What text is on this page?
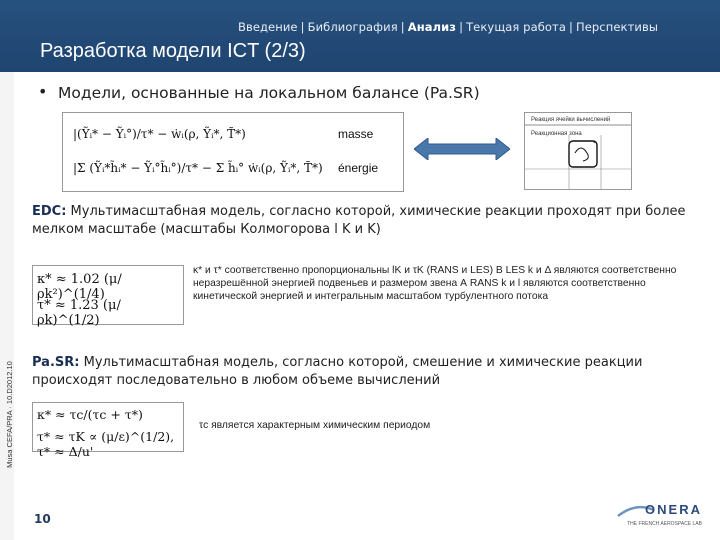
Введение | Библиография | Анализ | Текущая работа | Перспективы
Разработка модели ICT (2/3)
Musa CEFA/PRA · 10.D2012.10
• Модели, основанные на локальном балансе (Pa.SR)
|(Ỹᵢ* − Ỹᵢ°)/τ* − ẇᵢ(ρ, Ỹᵢ*, T̃*)	masse
|Σ (Ỹᵢ*h̃ᵢ* − Ỹᵢ°h̃ᵢ°)/τ* − Σ h̃ᵢ° ẇᵢ(ρ, Ỹᵢ*, T̃*) énergie
Реакция ячейки вычислений
Реакционная зона
*
EDC: Мультимасштабная модель, согласно которой, химические реакции проходят при более мелком масштабе (масштабы Колмогорова l K и K)
κ* ≈ 1.02 (μ/ρk²)^(1/4)
τ* ≈ 1.23 (μ/ρk)^(1/2)
κ* и τ* соответственно пропорциональны lK и τK (RANS и LES) В LES k и Δ являются соответственно неразрешённой энергией подвеньев и размером звена А RANS k и l являются соответственно кинетической энергией и интегральным масштабом турбулентного потока
Pa.SR: Мультимасштабная модель, согласно которой, смешение и химические реакции происходят последовательно в любом объеме вычислений
κ* ≈ τc/(τc + τ*)
τ* ≈ τK ∝ (μ/ε)^(1/2), τ* ≈ Δ/u'
τc является характерным химическим периодом
10
ONERA
THE FRENCH AEROSPACE LAB
